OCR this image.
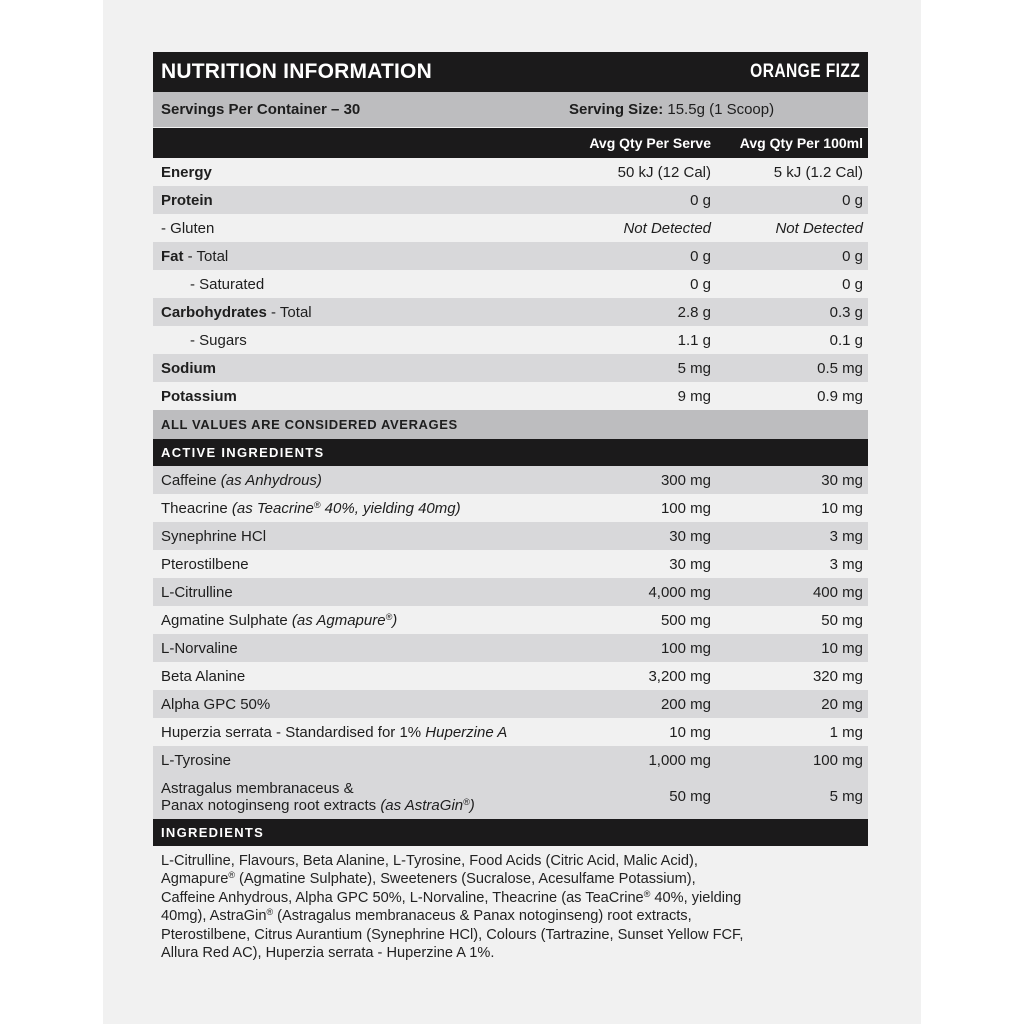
NUTRITION INFORMATION	ORANGE FIZZ
Servings Per Container – 30	Serving Size: 15.5g (1 Scoop)
Avg Qty Per Serve	Avg Qty Per 100ml
Energy	50 kJ (12 Cal)	5 kJ (1.2 Cal)
Protein	0 g	0 g
- Gluten	Not Detected	Not Detected
Fat - Total	0 g	0 g
- Saturated	0 g	0 g
Carbohydrates - Total	2.8 g	0.3 g
- Sugars	1.1 g	0.1 g
Sodium	5 mg	0.5 mg
Potassium	9 mg	0.9 mg
ALL VALUES ARE CONSIDERED AVERAGES
ACTIVE INGREDIENTS
Caffeine (as Anhydrous)	300 mg	30 mg
Theacrine (as Teacrine® 40%, yielding 40mg)	100 mg	10 mg
Synephrine HCl	30 mg	3 mg
Pterostilbene	30 mg	3 mg
L-Citrulline	4,000 mg	400 mg
Agmatine Sulphate (as Agmapure®)	500 mg	50 mg
L-Norvaline	100 mg	10 mg
Beta Alanine	3,200 mg	320 mg
Alpha GPC 50%	200 mg	20 mg
Huperzia serrata - Standardised for 1% Huperzine A	10 mg	1 mg
L-Tyrosine	1,000 mg	100 mg
Astragalus membranaceus &
Panax notoginseng root extracts (as AstraGin®)	50 mg	5 mg
INGREDIENTS
L-Citrulline, Flavours, Beta Alanine, L-Tyrosine, Food Acids (Citric Acid, Malic Acid),
Agmapure® (Agmatine Sulphate), Sweeteners (Sucralose, Acesulfame Potassium),
Caffeine Anhydrous, Alpha GPC 50%, L-Norvaline, Theacrine (as TeaCrine® 40%, yielding
40mg), AstraGin® (Astragalus membranaceus & Panax notoginseng) root extracts,
Pterostilbene, Citrus Aurantium (Synephrine HCl), Colours (Tartrazine, Sunset Yellow FCF,
Allura Red AC), Huperzia serrata - Huperzine A 1%.
